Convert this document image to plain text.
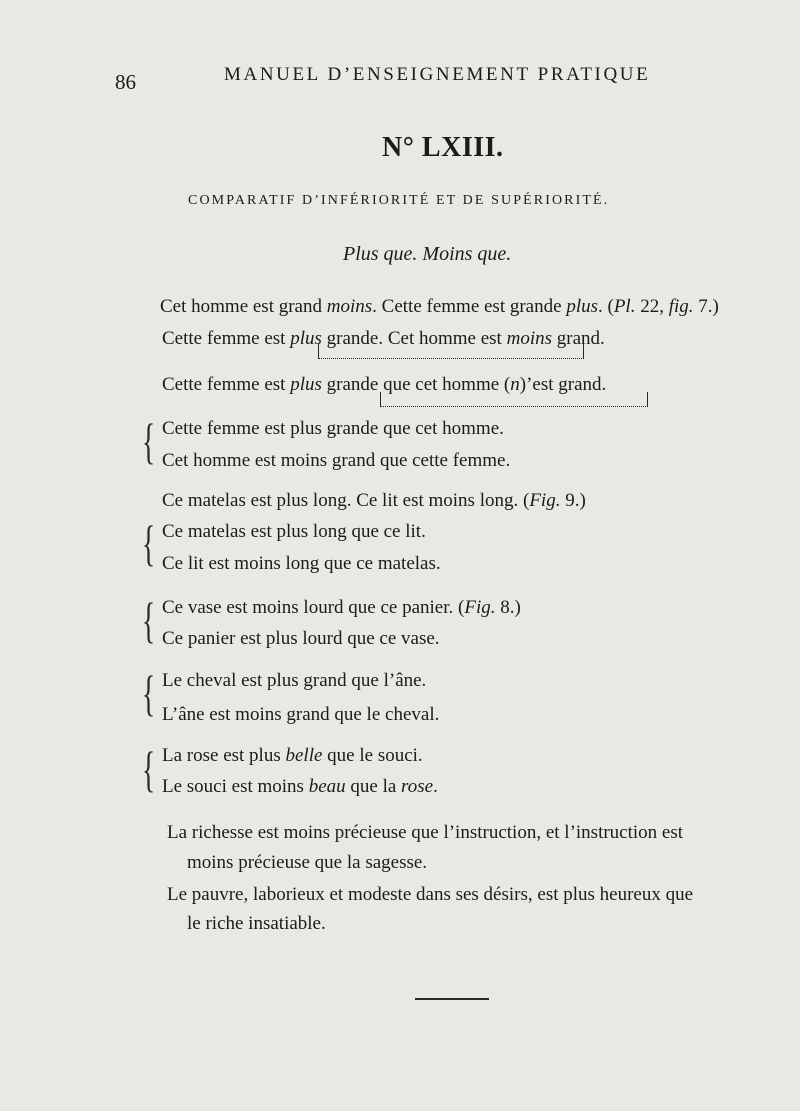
86	MANUEL D’ENSEIGNEMENT PRATIQUE
N° LXIII.
COMPARATIF D’INFÉRIORITÉ ET DE SUPÉRIORITÉ.
Plus que. Moins que.
Cet homme est grand moins. Cette femme est grande plus. (Pl. 22, fig. 7.)
Cette femme est plus grande. Cet homme est moins grand.
Cette femme est plus grande que cet homme (n)’est grand.
{ Cette femme est plus grande que cet homme.
Cet homme est moins grand que cette femme.
Ce matelas est plus long. Ce lit est moins long. (Fig. 9.)
{ Ce matelas est plus long que ce lit.
Ce lit est moins long que ce matelas.
{ Ce vase est moins lourd que ce panier. (Fig. 8.)
Ce panier est plus lourd que ce vase.
{ Le cheval est plus grand que l’âne.
L’âne est moins grand que le cheval.
{ La rose est plus belle que le souci.
Le souci est moins beau que la rose.
La richesse est moins précieuse que l’instruction, et l’instruction est
moins précieuse que la sagesse.
Le pauvre, laborieux et modeste dans ses désirs, est plus heureux que
le riche insatiable.
